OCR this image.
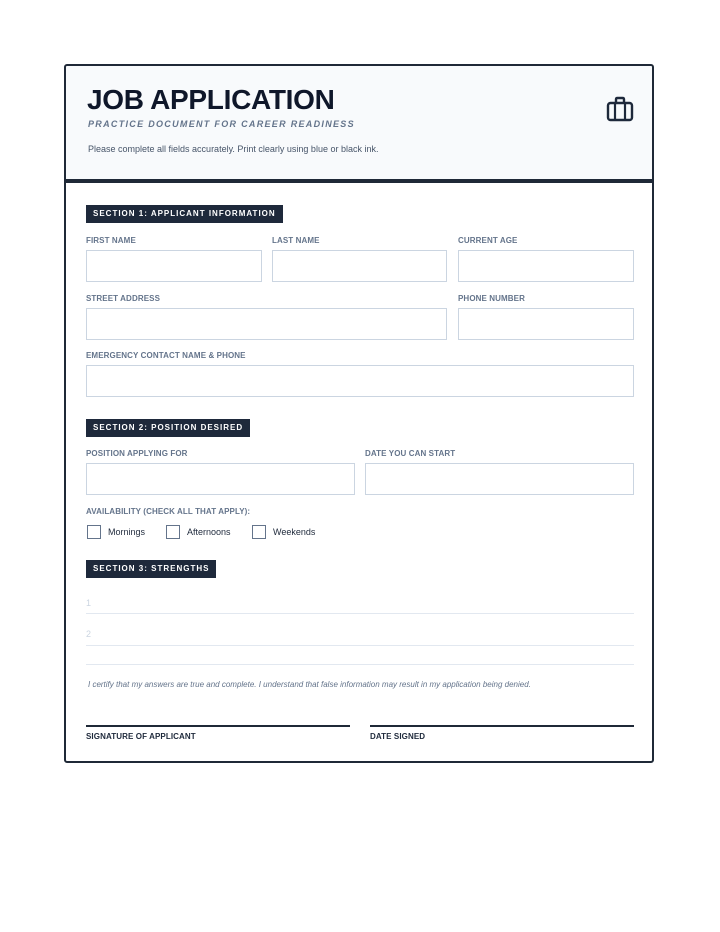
JOB APPLICATION
PRACTICE DOCUMENT FOR CAREER READINESS
Please complete all fields accurately. Print clearly using blue or black ink.
SECTION 1: APPLICANT INFORMATION
FIRST NAME	LAST NAME	CURRENT AGE
STREET ADDRESS	PHONE NUMBER
EMERGENCY CONTACT NAME & PHONE
SECTION 2: POSITION DESIRED
POSITION APPLYING FOR	DATE YOU CAN START
AVAILABILITY (CHECK ALL THAT APPLY):
Mornings	Afternoons	Weekends
SECTION 3: STRENGTHS
1
2
I certify that my answers are true and complete. I understand that false information may result in my application being denied.
SIGNATURE OF APPLICANT	DATE SIGNED
